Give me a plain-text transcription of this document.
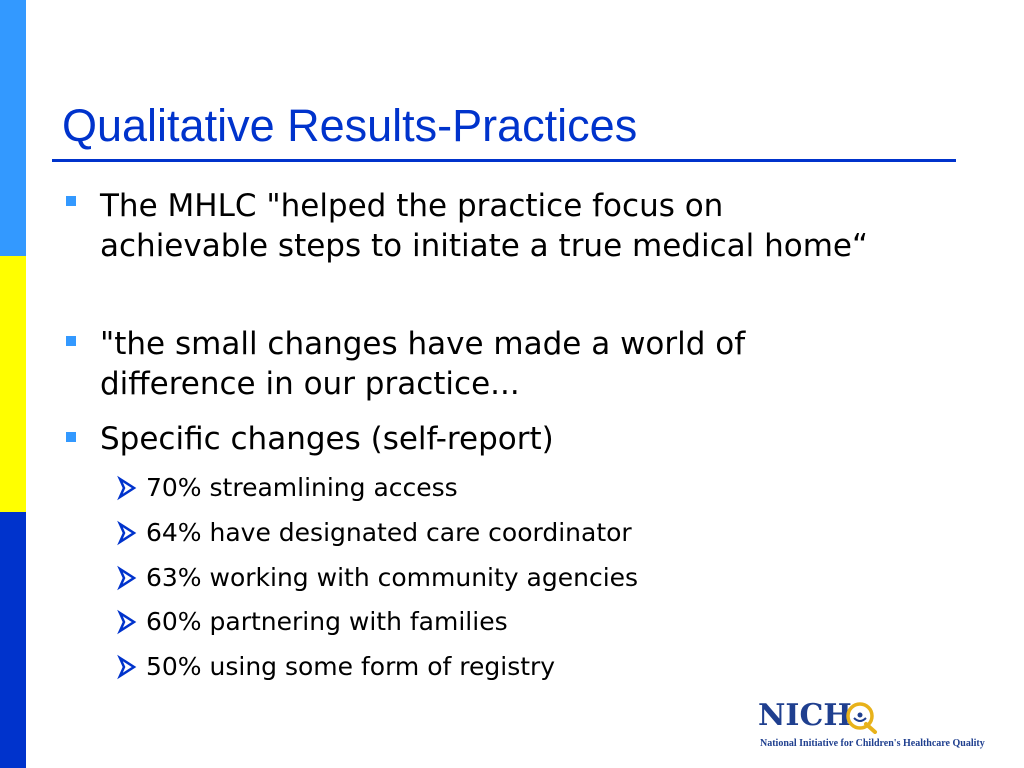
Qualitative Results-Practices
The MHLC "helped the practice focus on achievable steps to initiate a true medical home“
"the small changes have made a world of difference in our practice...
Specific changes (self-report)
70% streamlining access
64% have designated care coordinator
63% working with community agencies
60% partnering with families
50% using some form of registry
NICH
National Initiative for Children's Healthcare Quality
